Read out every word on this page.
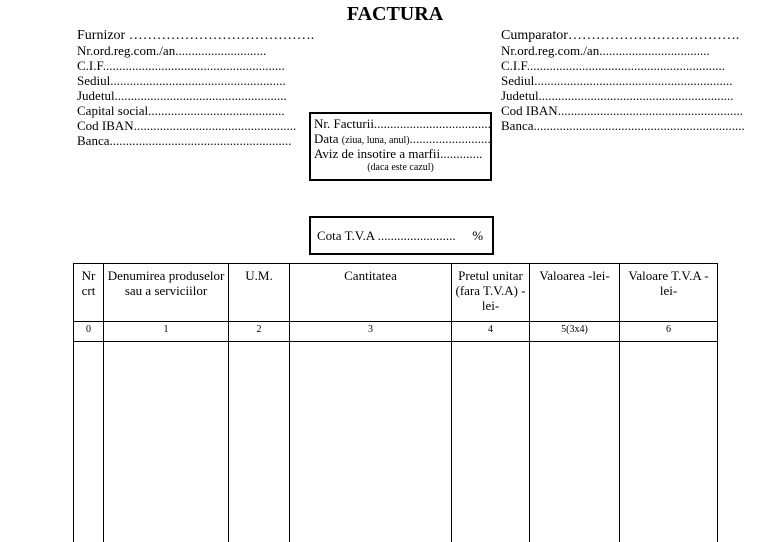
FACTURA
Furnizor ………………………………….
Nr.ord.reg.com./an............................
C.I.F........................................................
Sediul......................................................
Judetul.....................................................
Capital social..........................................
Cod IBAN..................................................
Banca........................................................
Cumparator……………………………….
Nr.ord.reg.com./an..................................
C.I.F.............................................................
Sediul.............................................................
Judetul............................................................
Cod IBAN.........................................................
Banca.................................................................
Nr. Facturii....................................
Data (ziua, luna, anul).........................
Aviz de insotire a marfii.............
(daca este cazul)
Cota T.V.A ........................ %
Nr crt	Denumirea produselor sau a serviciilor	U.M.	Cantitatea	Pretul unitar (fara T.V.A) -lei-	Valoarea -lei-	Valoare T.V.A -lei-
0	1	2	3	4	5(3x4)	6
